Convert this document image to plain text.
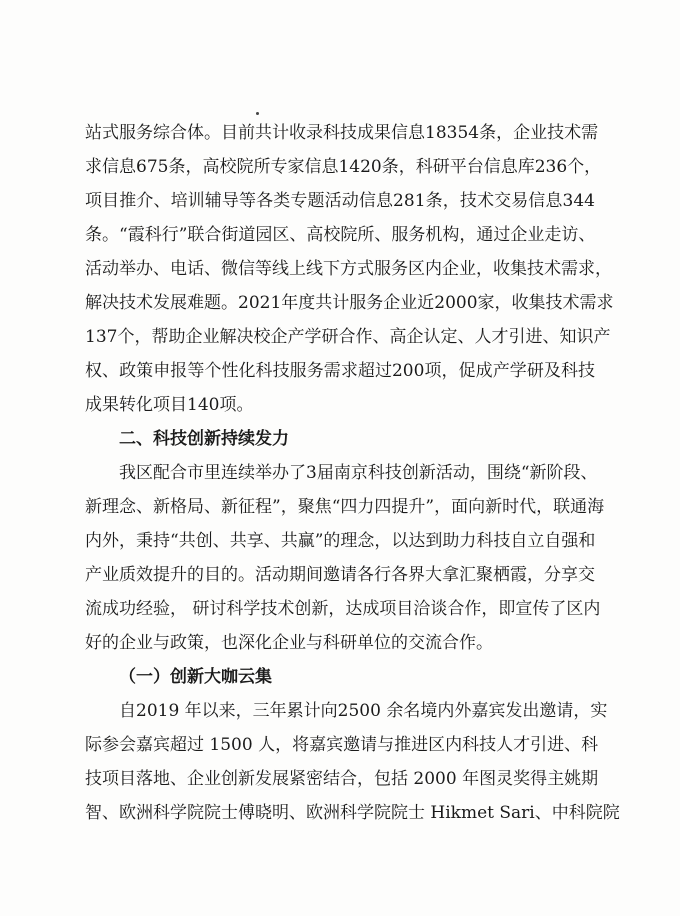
站式服务综合体。目前共计收录科技成果信息18354条，企业技术需

求信息675条，高校院所专家信息1420条，科研平台信息库236个，

项目推介、培训辅导等各类专题活动信息281条，技术交易信息344

条。“霞科行”联合街道园区、高校院所、服务机构，通过企业走访、

活动举办、电话、微信等线上线下方式服务区内企业，收集技术需求，

解决技术发展难题。2021年度共计服务企业近2000家，收集技术需求

137个，帮助企业解决校企产学研合作、高企认定、人才引进、知识产

权、政策申报等个性化科技服务需求超过200项，促成产学研及科技

成果转化项目140项。

二、科技创新持续发力

我区配合市里连续举办了3届南京科技创新活动，围绕“新阶段、

新理念、新格局、新征程”，聚焦“四力四提升”，面向新时代，联通海

内外，秉持“共创、共享、共赢”的理念，以达到助力科技自立自强和

产业质效提升的目的。活动期间邀请各行各界大拿汇聚栖霞，分享交

流成功经验， 研讨科学技术创新，达成项目洽谈合作，即宣传了区内

好的企业与政策，也深化企业与科研单位的交流合作。

（一）创新大咖云集

自2019 年以来，三年累计向2500 余名境内外嘉宾发出邀请，实

际参会嘉宾超过 1500 人，将嘉宾邀请与推进区内科技人才引进、科

技项目落地、企业创新发展紧密结合，包括 2000 年图灵奖得主姚期

智、欧洲科学院院士傅晓明、欧洲科学院院士 Hikmet Sari、中科院院
